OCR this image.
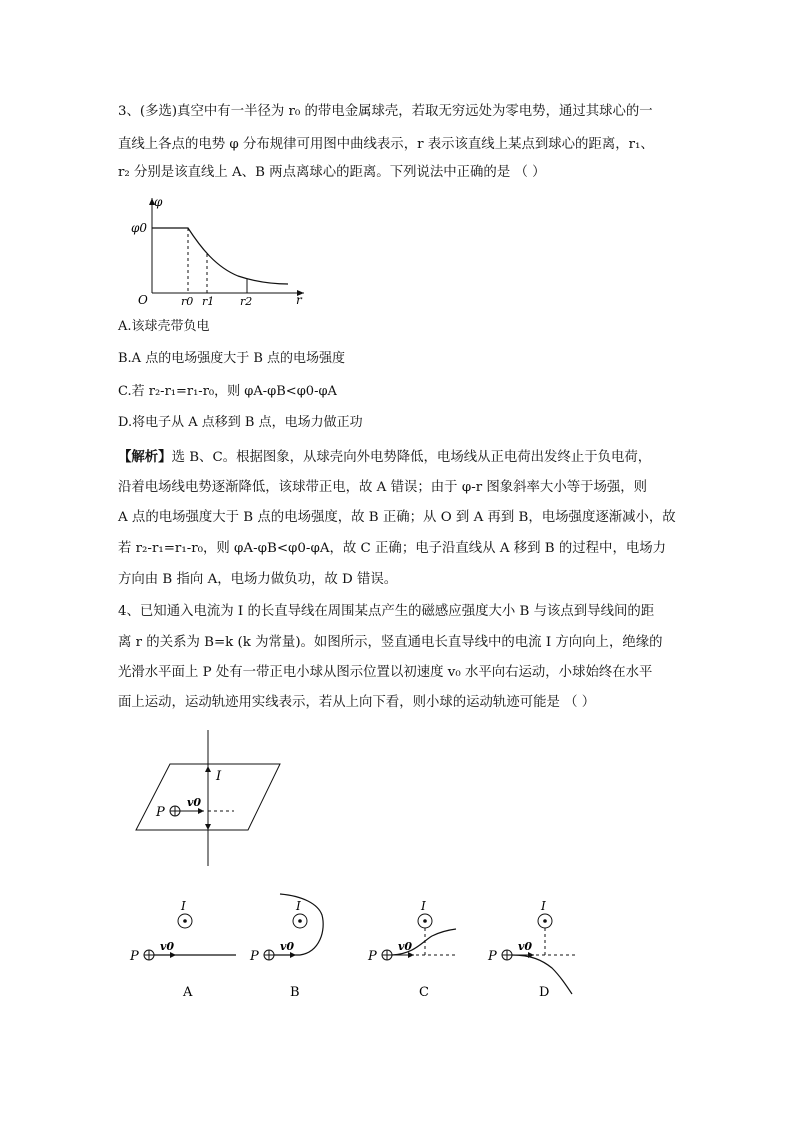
3、(多选)真空中有一半径为 r₀ 的带电金属球壳，若取无穷远处为零电势，通过其球心的一
直线上各点的电势 φ 分布规律可用图中曲线表示，r 表示该直线上某点到球心的距离，r₁、
r₂ 分别是该直线上 A、B 两点离球心的距离。下列说法中正确的是 （ ）
φ
φ0
O	r0 r1 r2	r
A.该球壳带负电
B.A 点的电场强度大于 B 点的电场强度
C.若 r₂-r₁=r₁-r₀，则 φA-φB<φ0-φA
D.将电子从 A 点移到 B 点，电场力做正功
【解析】选 B、C。根据图象，从球壳向外电势降低，电场线从正电荷出发终止于负电荷，
沿着电场线电势逐渐降低，该球带正电，故 A 错误；由于 φ-r 图象斜率大小等于场强，则
A 点的电场强度大于 B 点的电场强度，故 B 正确；从 O 到 A 再到 B，电场强度逐渐减小，故
若 r₂-r₁=r₁-r₀，则 φA-φB<φ0-φA，故 C 正确；电子沿直线从 A 移到 B 的过程中，电场力
方向由 B 指向 A，电场力做负功，故 D 错误。
4、已知通入电流为 I 的长直导线在周围某点产生的磁感应强度大小 B 与该点到导线间的距
离 r 的关系为 B=k (k 为常量)。如图所示，竖直通电长直导线中的电流 I 方向向上，绝缘的
光滑水平面上 P 处有一带正电小球从图示位置以初速度 v₀ 水平向右运动，小球始终在水平
面上运动，运动轨迹用实线表示，若从上向下看，则小球的运动轨迹可能是 （ ）
I
P
v0
I
P
v0
A
I
P
v0
B
I
P
v0
C
I
P
v0
D
